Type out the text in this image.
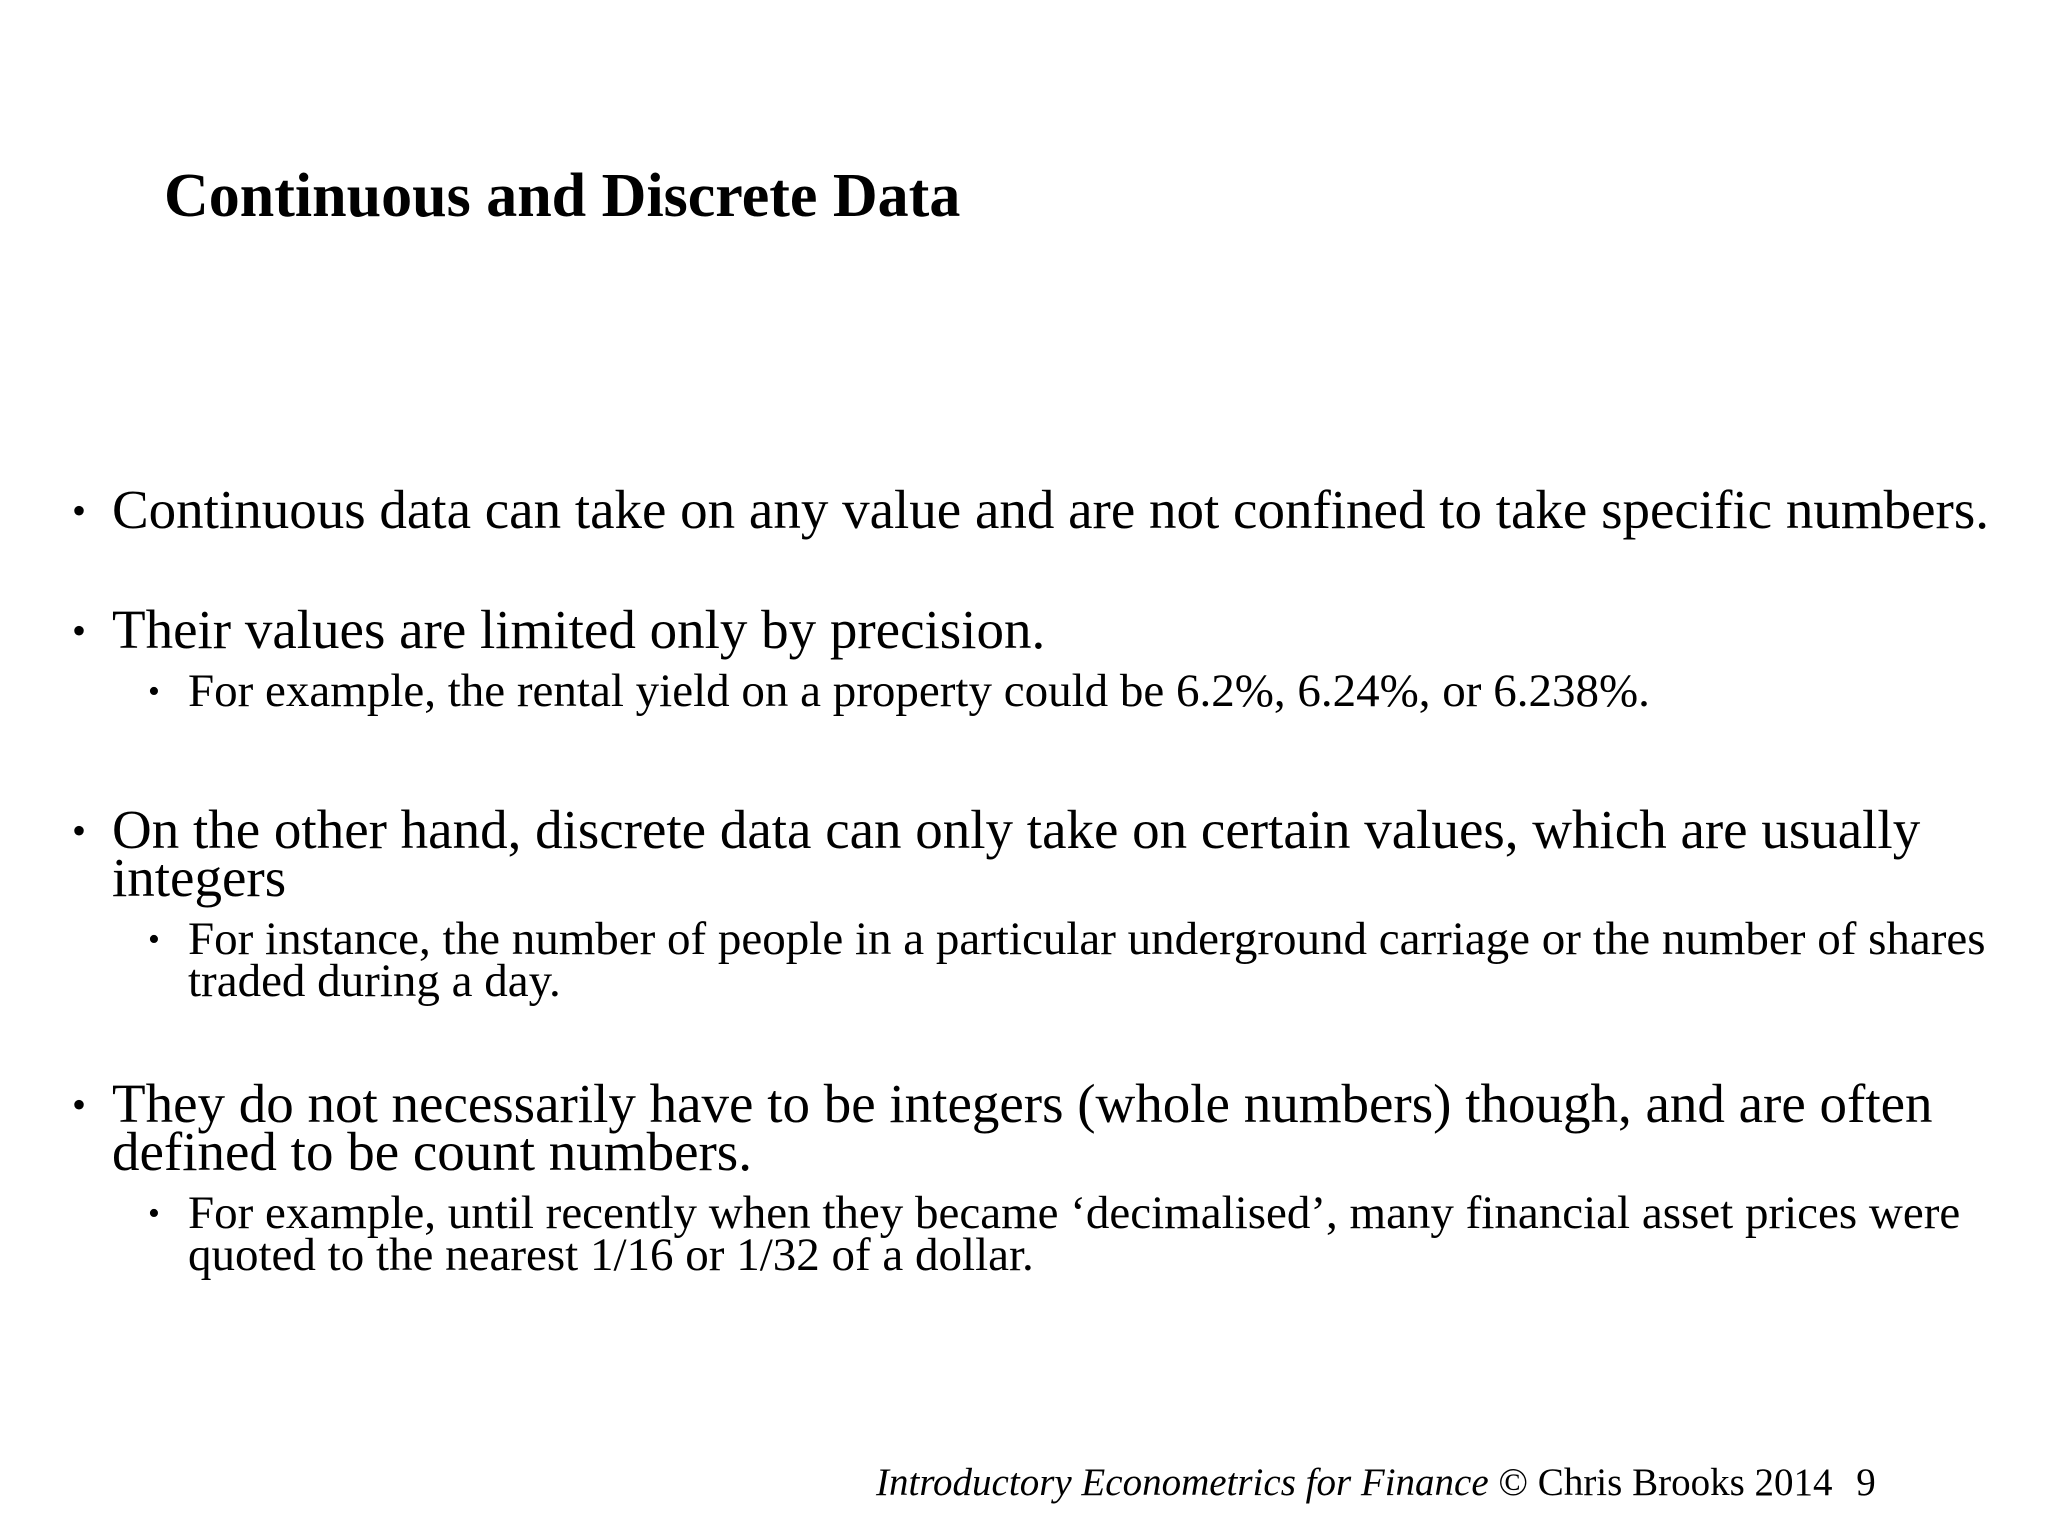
Continuous and Discrete Data
• Continuous data can take on any value and are not confined to take specific numbers.
• Their values are limited only by precision.
• For example, the rental yield on a property could be 6.2%, 6.24%, or 6.238%.
• On the other hand, discrete data can only take on certain values, which are usually integers
• For instance, the number of people in a particular underground carriage or the number of shares traded during a day.
• They do not necessarily have to be integers (whole numbers) though, and are often defined to be count numbers.
• For example, until recently when they became ‘decimalised’, many financial asset prices were quoted to the nearest 1/16 or 1/32 of a dollar.
Introductory Econometrics for Finance © Chris Brooks 2014 9
